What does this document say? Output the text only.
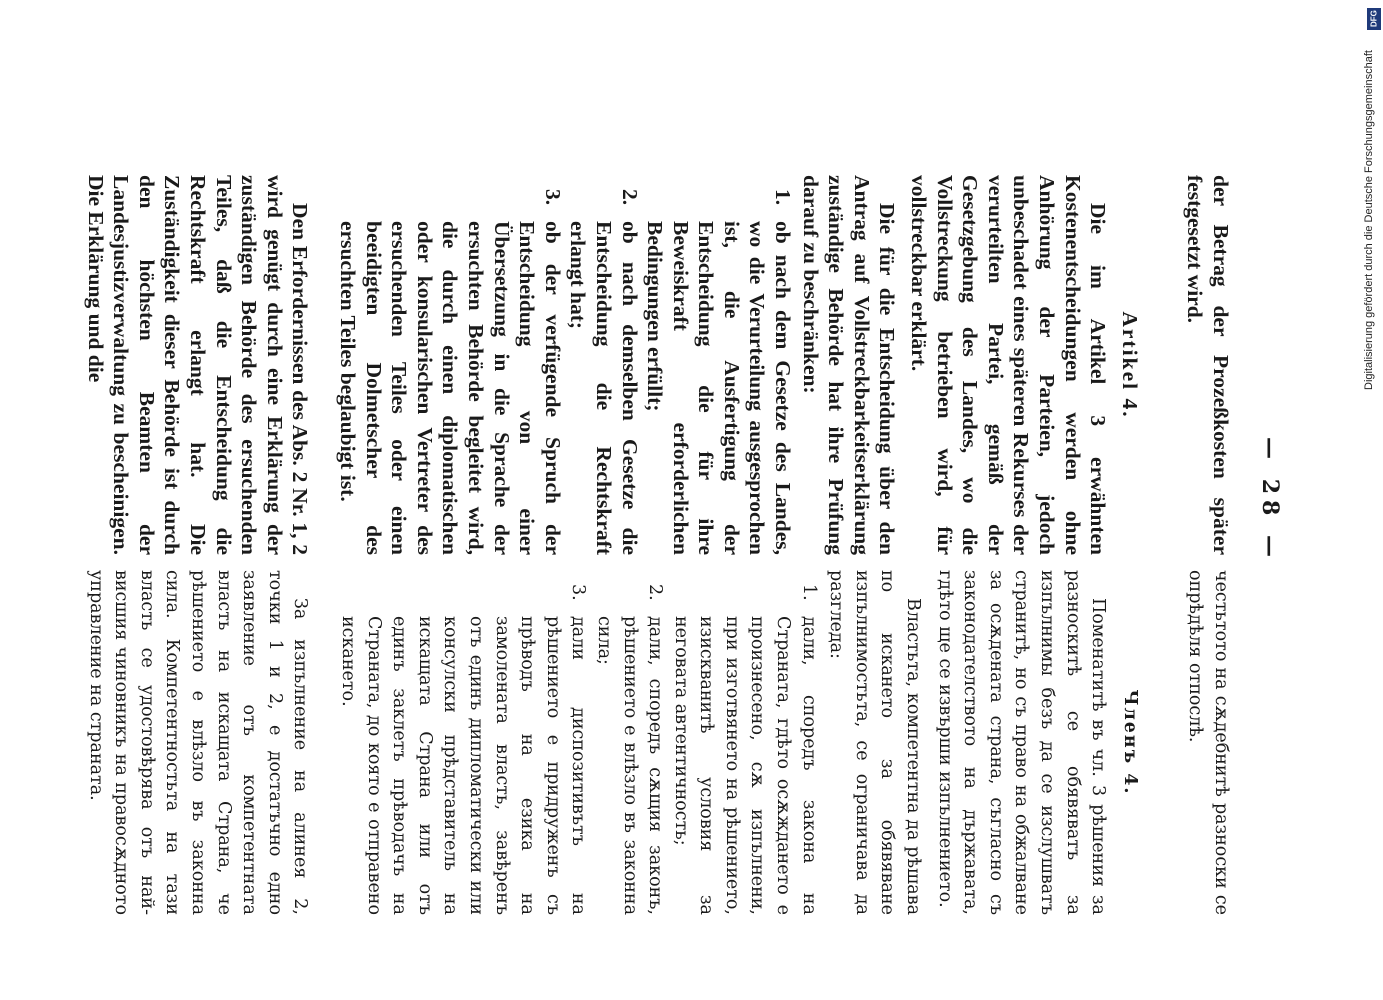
— 28 —

der Betrag der Prozeßkosten später festgesetzt wird.

Artikel 4.

Die im Artikel 3 erwähnten Kostenentscheidungen werden ohne Anhörung der Parteien, jedoch unbeschadet eines späteren Rekurses der verurteilten Partei, gemäß der Gesetzgebung des Landes, wo die Vollstreckung betrieben wird, für vollstreckbar erklärt.

Die für die Entscheidung über den Antrag auf Vollstreckbarkeitserklärung zuständige Behörde hat ihre Prüfung darauf zu beschränken:

1.
ob nach dem Gesetze des Landes, wo die Verurteilung ausgesprochen ist, die Ausfertigung der Entscheidung die für ihre Beweiskraft erforderlichen Bedingungen erfüllt;
2.
ob nach demselben Gesetze die Entscheidung die Rechtskraft erlangt hat;
3.
ob der verfügende Spruch der Entscheidung von einer Übersetzung in die Sprache der ersuchten Behörde begleitet wird, die durch einen diplomatischen oder konsularischen Vertreter des ersuchenden Teiles oder einen beeidigten Dolmetscher des ersuchten Teiles beglaubigt ist.

Den Erfordernissen des Abs. 2 Nr. 1, 2 wird genügt durch eine Erklärung der zuständigen Behörde des ersuchenden Teiles, daß die Entscheidung die Rechtskraft erlangt hat. Die Zuständigkeit dieser Behörde ist durch den höchsten Beamten der Landesjustizverwaltung zu bescheinigen. Die Erklärung und die

честьтото на сѫдебнитѣ разноски се опрѣдѣля отпослѣ.

Членъ 4.

Поменатитѣ въ чл. 3 рѣшения за разноскитѣ се обявяватъ за изпълнимы безъ да се изслушватъ странитѣ, но съ право на обжалване за осѫдената страна, съгласно съ законодателството на държавата, гдѣто ще се извърши изпълнението.

Властьта, компетентна да рѣшава по искането за обявяване изпълнимостьта, се ограничава да разгледа:

1.
дали, споредъ закона на Страната, гдѣто осѫждането е произнесено, сѫ изпълнени, при изготвянето на рѣшението, изискванитѣ условия за неговата автентичность;
2.
дали, споредъ сѫщия законъ, рѣшението е влѣзло въ законна сила;
3.
дали диспозитивътъ на рѣшението е придруженъ съ прѣводъ на езика на замолената власть, завѣренъ отъ единъ дипломатически или консулски прѣдставитель на искащата Страна или отъ единъ заклетъ прѣводачъ на Страната, до която е отправено искането.

За изпълнение на алинея 2, точки 1 и 2, е достатъчно едно заявление отъ компетентната власть на искащата Страна, че рѣшението е влѣзло въ законна сила. Компетентностьта на тази власть се удостовѣрява отъ най-висшия чиновникъ на правосѫдното управление на страната.

DFG
Digitalisierung gefördert durch die Deutsche Forschungsgemeinschaft
